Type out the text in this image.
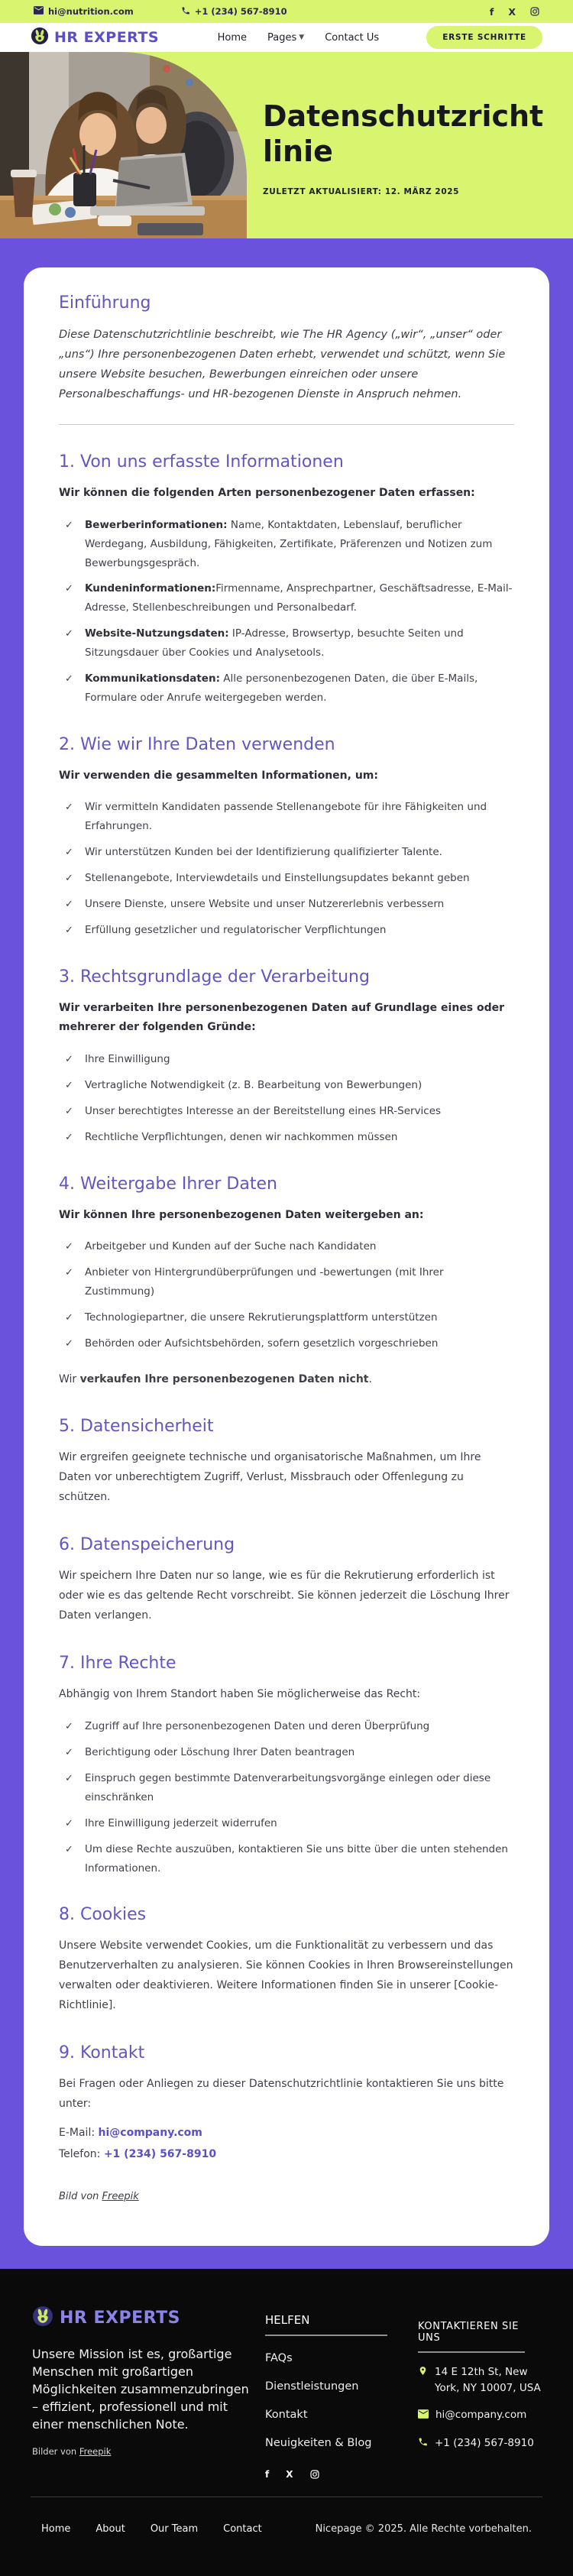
hi@nutrition.com	+1 (234) 567-8910	f X
HR EXPERTS	Home Pages ▼ Contact Us	ERSTE SCHRITTE
Datenschutzrichtlinie
ZULETZT AKTUALISIERT: 12. MÄRZ 2025
Einführung

Diese Datenschutzrichtlinie beschreibt, wie The HR Agency („wir“, „unser“ oder „uns“) Ihre personenbezogenen Daten erhebt, verwendet und schützt, wenn Sie unsere Website besuchen, Bewerbungen einreichen oder unsere Personalbeschaffungs- und HR-bezogenen Dienste in Anspruch nehmen.

1. Von uns erfasste Informationen

Wir können die folgenden Arten personenbezogener Daten erfassen:

✓ Bewerberinformationen: Name, Kontaktdaten, Lebenslauf, beruflicher Werdegang, Ausbildung, Fähigkeiten, Zertifikate, Präferenzen und Notizen zum Bewerbungsgespräch.
✓ Kundeninformationen:Firmenname, Ansprechpartner, Geschäftsadresse, E-Mail-Adresse, Stellenbeschreibungen und Personalbedarf.
✓ Website-Nutzungsdaten: IP-Adresse, Browsertyp, besuchte Seiten und Sitzungsdauer über Cookies und Analysetools.
✓ Kommunikationsdaten: Alle personenbezogenen Daten, die über E-Mails, Formulare oder Anrufe weitergegeben werden.
2. Wie wir Ihre Daten verwenden

Wir verwenden die gesammelten Informationen, um:

✓ Wir vermitteln Kandidaten passende Stellenangebote für ihre Fähigkeiten und Erfahrungen.
✓ Wir unterstützen Kunden bei der Identifizierung qualifizierter Talente.
✓ Stellenangebote, Interviewdetails und Einstellungsupdates bekannt geben
✓ Unsere Dienste, unsere Website und unser Nutzererlebnis verbessern
✓ Erfüllung gesetzlicher und regulatorischer Verpflichtungen
3. Rechtsgrundlage der Verarbeitung

Wir verarbeiten Ihre personenbezogenen Daten auf Grundlage eines oder mehrerer der folgenden Gründe:

✓ Ihre Einwilligung
✓ Vertragliche Notwendigkeit (z. B. Bearbeitung von Bewerbungen)
✓ Unser berechtigtes Interesse an der Bereitstellung eines HR-Services
✓ Rechtliche Verpflichtungen, denen wir nachkommen müssen
4. Weitergabe Ihrer Daten

Wir können Ihre personenbezogenen Daten weitergeben an:

✓ Arbeitgeber und Kunden auf der Suche nach Kandidaten
✓ Anbieter von Hintergrundüberprüfungen und -bewertungen (mit Ihrer Zustimmung)
✓ Technologiepartner, die unsere Rekrutierungsplattform unterstützen
✓ Behörden oder Aufsichtsbehörden, sofern gesetzlich vorgeschrieben

Wir verkaufen Ihre personenbezogenen Daten nicht.

5. Datensicherheit

Wir ergreifen geeignete technische und organisatorische Maßnahmen, um Ihre Daten vor unberechtigtem Zugriff, Verlust, Missbrauch oder Offenlegung zu schützen.

6. Datenspeicherung

Wir speichern Ihre Daten nur so lange, wie es für die Rekrutierung erforderlich ist oder wie es das geltende Recht vorschreibt. Sie können jederzeit die Löschung Ihrer Daten verlangen.

7. Ihre Rechte

Abhängig von Ihrem Standort haben Sie möglicherweise das Recht:

✓ Zugriff auf Ihre personenbezogenen Daten und deren Überprüfung
✓ Berichtigung oder Löschung Ihrer Daten beantragen
✓ Einspruch gegen bestimmte Datenverarbeitungsvorgänge einlegen oder diese einschränken
✓ Ihre Einwilligung jederzeit widerrufen
✓ Um diese Rechte auszuüben, kontaktieren Sie uns bitte über die unten stehenden Informationen.
8. Cookies

Unsere Website verwendet Cookies, um die Funktionalität zu verbessern und das Benutzerverhalten zu analysieren. Sie können Cookies in Ihren Browsereinstellungen verwalten oder deaktivieren. Weitere Informationen finden Sie in unserer [Cookie-Richtlinie].

9. Kontakt

Bei Fragen oder Anliegen zu dieser Datenschutzrichtlinie kontaktieren Sie uns bitte unter:

E-Mail: hi@company.com
Telefon: +1 (234) 567-8910

Bild von Freepik

HR EXPERTS

Unsere Mission ist es, großartige Menschen mit großartigen Möglichkeiten zusammenzubringen – effizient, professionell und mit einer menschlichen Note.

Bilder von Freepik

HELFEN
FAQs
Dienstleistungen
Kontakt
Neuigkeiten & Blog
f X
KONTAKTIEREN SIE UNS
14 E 12th St, New York, NY 10007, USA
hi@company.com
+1 (234) 567-8910
Home	About	Our Team	Contact	Nicepage © 2025. Alle Rechte vorbehalten.
